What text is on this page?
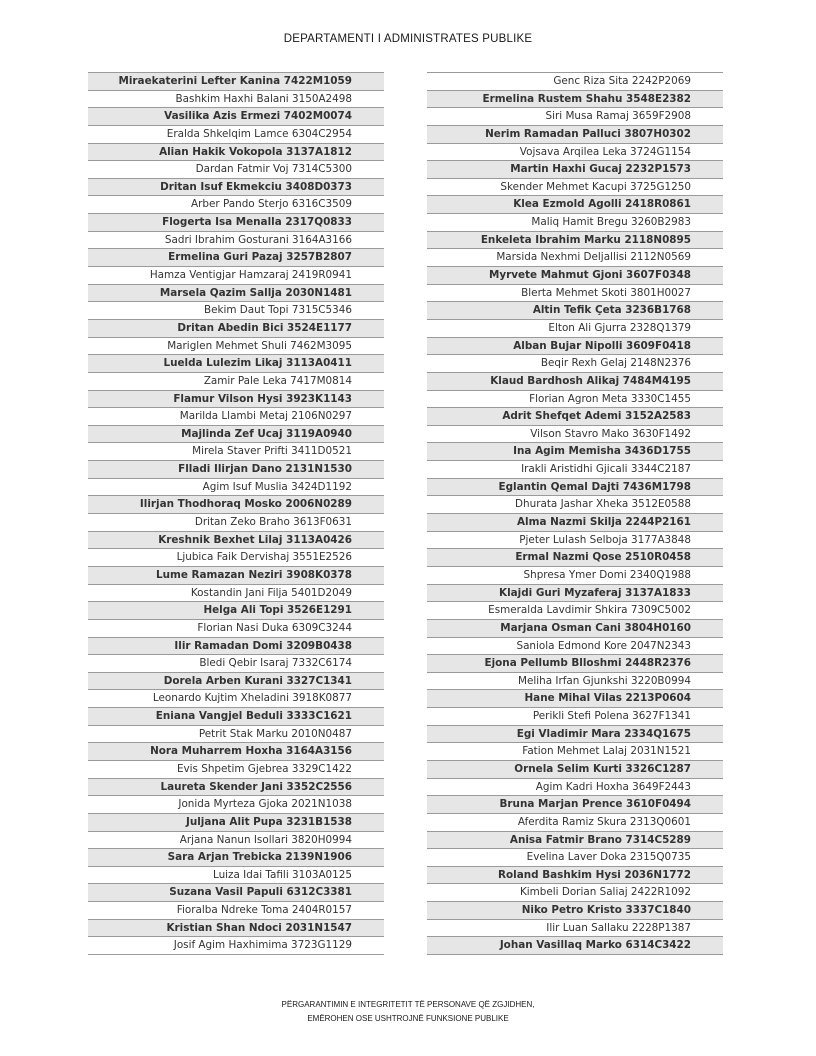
DEPARTAMENTI I ADMINISTRATES PUBLIKE
Miraekaterini Lefter Kanina 7422M1059
Bashkim Haxhi Balani 3150A2498
Vasilika Azis Ermezi 7402M0074
Eralda Shkelqim Lamce 6304C2954
Alian Hakik Vokopola 3137A1812
Dardan Fatmir Voj 7314C5300
Dritan Isuf Ekmekciu 3408D0373
Arber Pando Sterjo 6316C3509
Flogerta Isa Menalla 2317Q0833
Sadri Ibrahim Gosturani 3164A3166
Ermelina Guri Pazaj 3257B2807
Hamza Ventigjar Hamzaraj 2419R0941
Marsela Qazim Sallja 2030N1481
Bekim Daut Topi 7315C5346
Dritan Abedin Bici 3524E1177
Mariglen Mehmet Shuli 7462M3095
Luelda Lulezim Likaj 3113A0411
Zamir Pale Leka 7417M0814
Flamur Vilson Hysi 3923K1143
Marilda Llambi Metaj 2106N0297
Majlinda Zef Ucaj 3119A0940
Mirela Staver Prifti 3411D0521
Flladi Ilirjan Dano 2131N1530
Agim Isuf Muslia 3424D1192
Ilirjan Thodhoraq Mosko 2006N0289
Dritan Zeko Braho 3613F0631
Kreshnik Bexhet Lilaj 3113A0426
Ljubica Faik Dervishaj 3551E2526
Lume Ramazan Neziri 3908K0378
Kostandin Jani Filja 5401D2049
Helga Ali Topi 3526E1291
Florian Nasi Duka 6309C3244
Ilir Ramadan Domi 3209B0438
Bledi Qebir Isaraj 7332C6174
Dorela Arben Kurani 3327C1341
Leonardo Kujtim Xheladini 3918K0877
Eniana Vangjel Beduli 3333C1621
Petrit Stak Marku 2010N0487
Nora Muharrem Hoxha 3164A3156
Evis Shpetim Gjebrea 3329C1422
Laureta Skender Jani 3352C2556
Jonida Myrteza Gjoka 2021N1038
Juljana Alit Pupa 3231B1538
Arjana Nanun Isollari 3820H0994
Sara Arjan Trebicka 2139N1906
Luiza Idai Tafili 3103A0125
Suzana Vasil Papuli 6312C3381
Fioralba Ndreke Toma 2404R0157
Kristian Shan Ndoci 2031N1547
Josif Agim Haxhimima 3723G1129
Genc Riza Sita 2242P2069
Ermelina Rustem Shahu 3548E2382
Siri Musa Ramaj 3659F2908
Nerim Ramadan Palluci 3807H0302
Vojsava Arqilea Leka 3724G1154
Martin Haxhi Gucaj 2232P1573
Skender Mehmet Kacupi 3725G1250
Klea Ezmold Agolli 2418R0861
Maliq Hamit Bregu 3260B2983
Enkeleta Ibrahim Marku 2118N0895
Marsida Nexhmi Deljallisi 2112N0569
Myrvete Mahmut Gjoni 3607F0348
Blerta Mehmet Skoti 3801H0027
Altin Tefik Çeta 3236B1768
Elton Ali Gjurra 2328Q1379
Alban Bujar Nipolli 3609F0418
Beqir Rexh Gelaj 2148N2376
Klaud Bardhosh Alikaj 7484M4195
Florian Agron Meta 3330C1455
Adrit Shefqet Ademi 3152A2583
Vilson Stavro Mako 3630F1492
Ina Agim Memisha 3436D1755
Irakli Aristidhi Gjicali 3344C2187
Eglantin Qemal Dajti 7436M1798
Dhurata Jashar Xheka 3512E0588
Alma Nazmi Skilja 2244P2161
Pjeter Lulash Selboja 3177A3848
Ermal Nazmi Qose 2510R0458
Shpresa Ymer Domi 2340Q1988
Klajdi Guri Myzaferaj 3137A1833
Esmeralda Lavdimir Shkira 7309C5002
Marjana Osman Cani 3804H0160
Saniola Edmond Kore 2047N2343
Ejona Pellumb Blloshmi 2448R2376
Meliha Irfan Gjunkshi 3220B0994
Hane Mihal Vilas 2213P0604
Perikli Stefi Polena 3627F1341
Egi Vladimir Mara 2334Q1675
Fation Mehmet Lalaj 2031N1521
Ornela Selim Kurti 3326C1287
Agim Kadri Hoxha 3649F2443
Bruna Marjan Prence 3610F0494
Aferdita Ramiz Skura 2313Q0601
Anisa Fatmir Brano 7314C5289
Evelina Laver Doka 2315Q0735
Roland Bashkim Hysi 2036N1772
Kimbeli Dorian Saliaj 2422R1092
Niko Petro Kristo 3337C1840
Ilir Luan Sallaku 2228P1387
Johan Vasillaq Marko 6314C3422
PËRGARANTIMIN E INTEGRITETIT TË PERSONAVE QË ZGJIDHEN,
EMËROHEN OSE USHTROJNË FUNKSIONE PUBLIKE
